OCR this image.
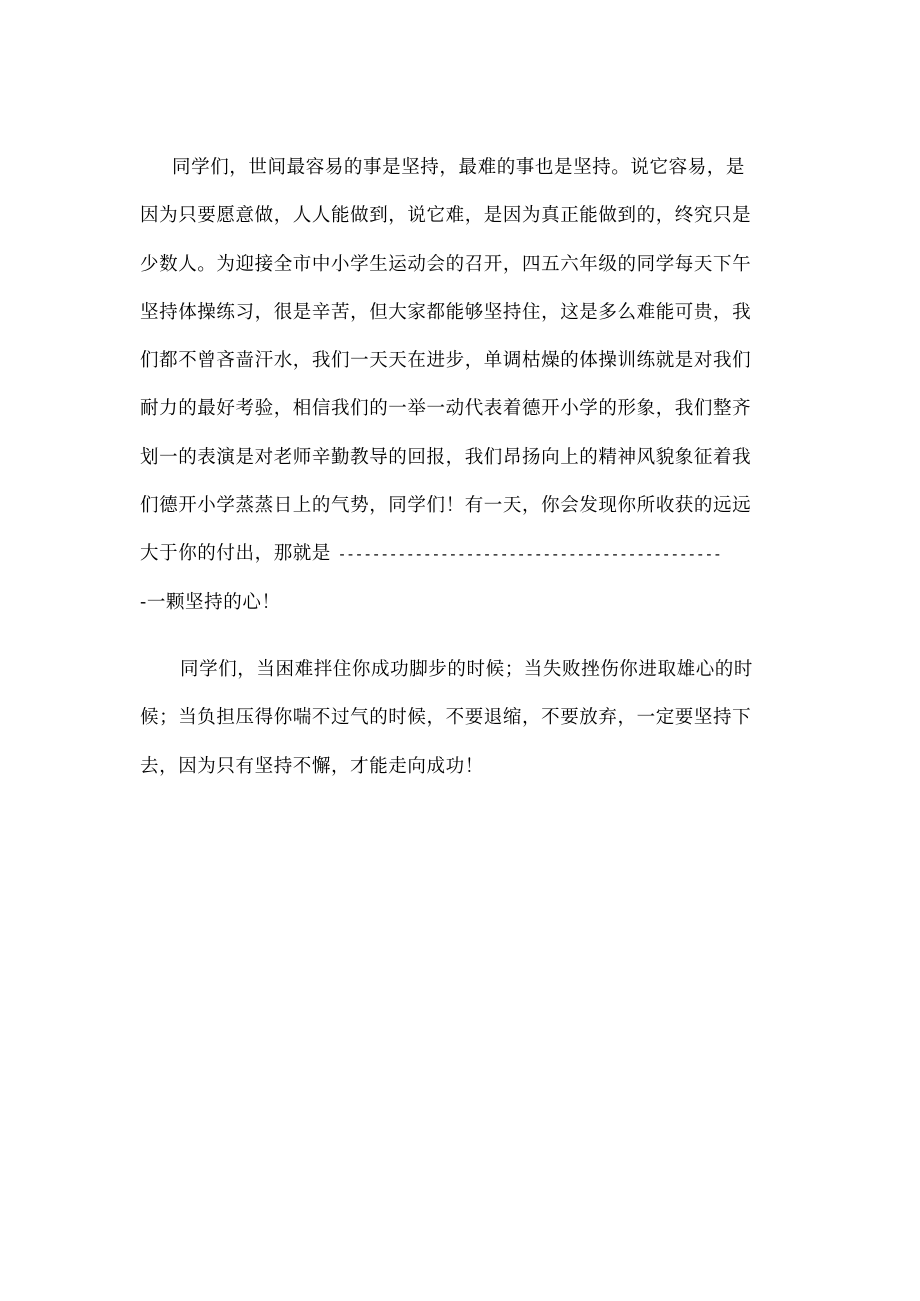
同学们，世间最容易的事是坚持，最难的事也是坚持。说它容易，是
因为只要愿意做，人人能做到，说它难，是因为真正能做到的，终究只是
少数人。为迎接全市中小学生运动会的召开，四五六年级的同学每天下午
坚持体操练习，很是辛苦，但大家都能够坚持住，这是多么难能可贵，我
们都不曾吝啬汗水，我们一天天在进步，单调枯燥的体操训练就是对我们
耐力的最好考验，相信我们的一举一动代表着德开小学的形象，我们整齐
划一的表演是对老师辛勤教导的回报，我们昂扬向上的精神风貌象征着我
们德开小学蒸蒸日上的气势，同学们！有一天，你会发现你所收获的远远
大于你的付出，那就是 ---------------------------------------------
-一颗坚持的心！
同学们，当困难拌住你成功脚步的时候；当失败挫伤你进取雄心的时
候；当负担压得你喘不过气的时候，不要退缩，不要放弃，一定要坚持下
去，因为只有坚持不懈，才能走向成功！
